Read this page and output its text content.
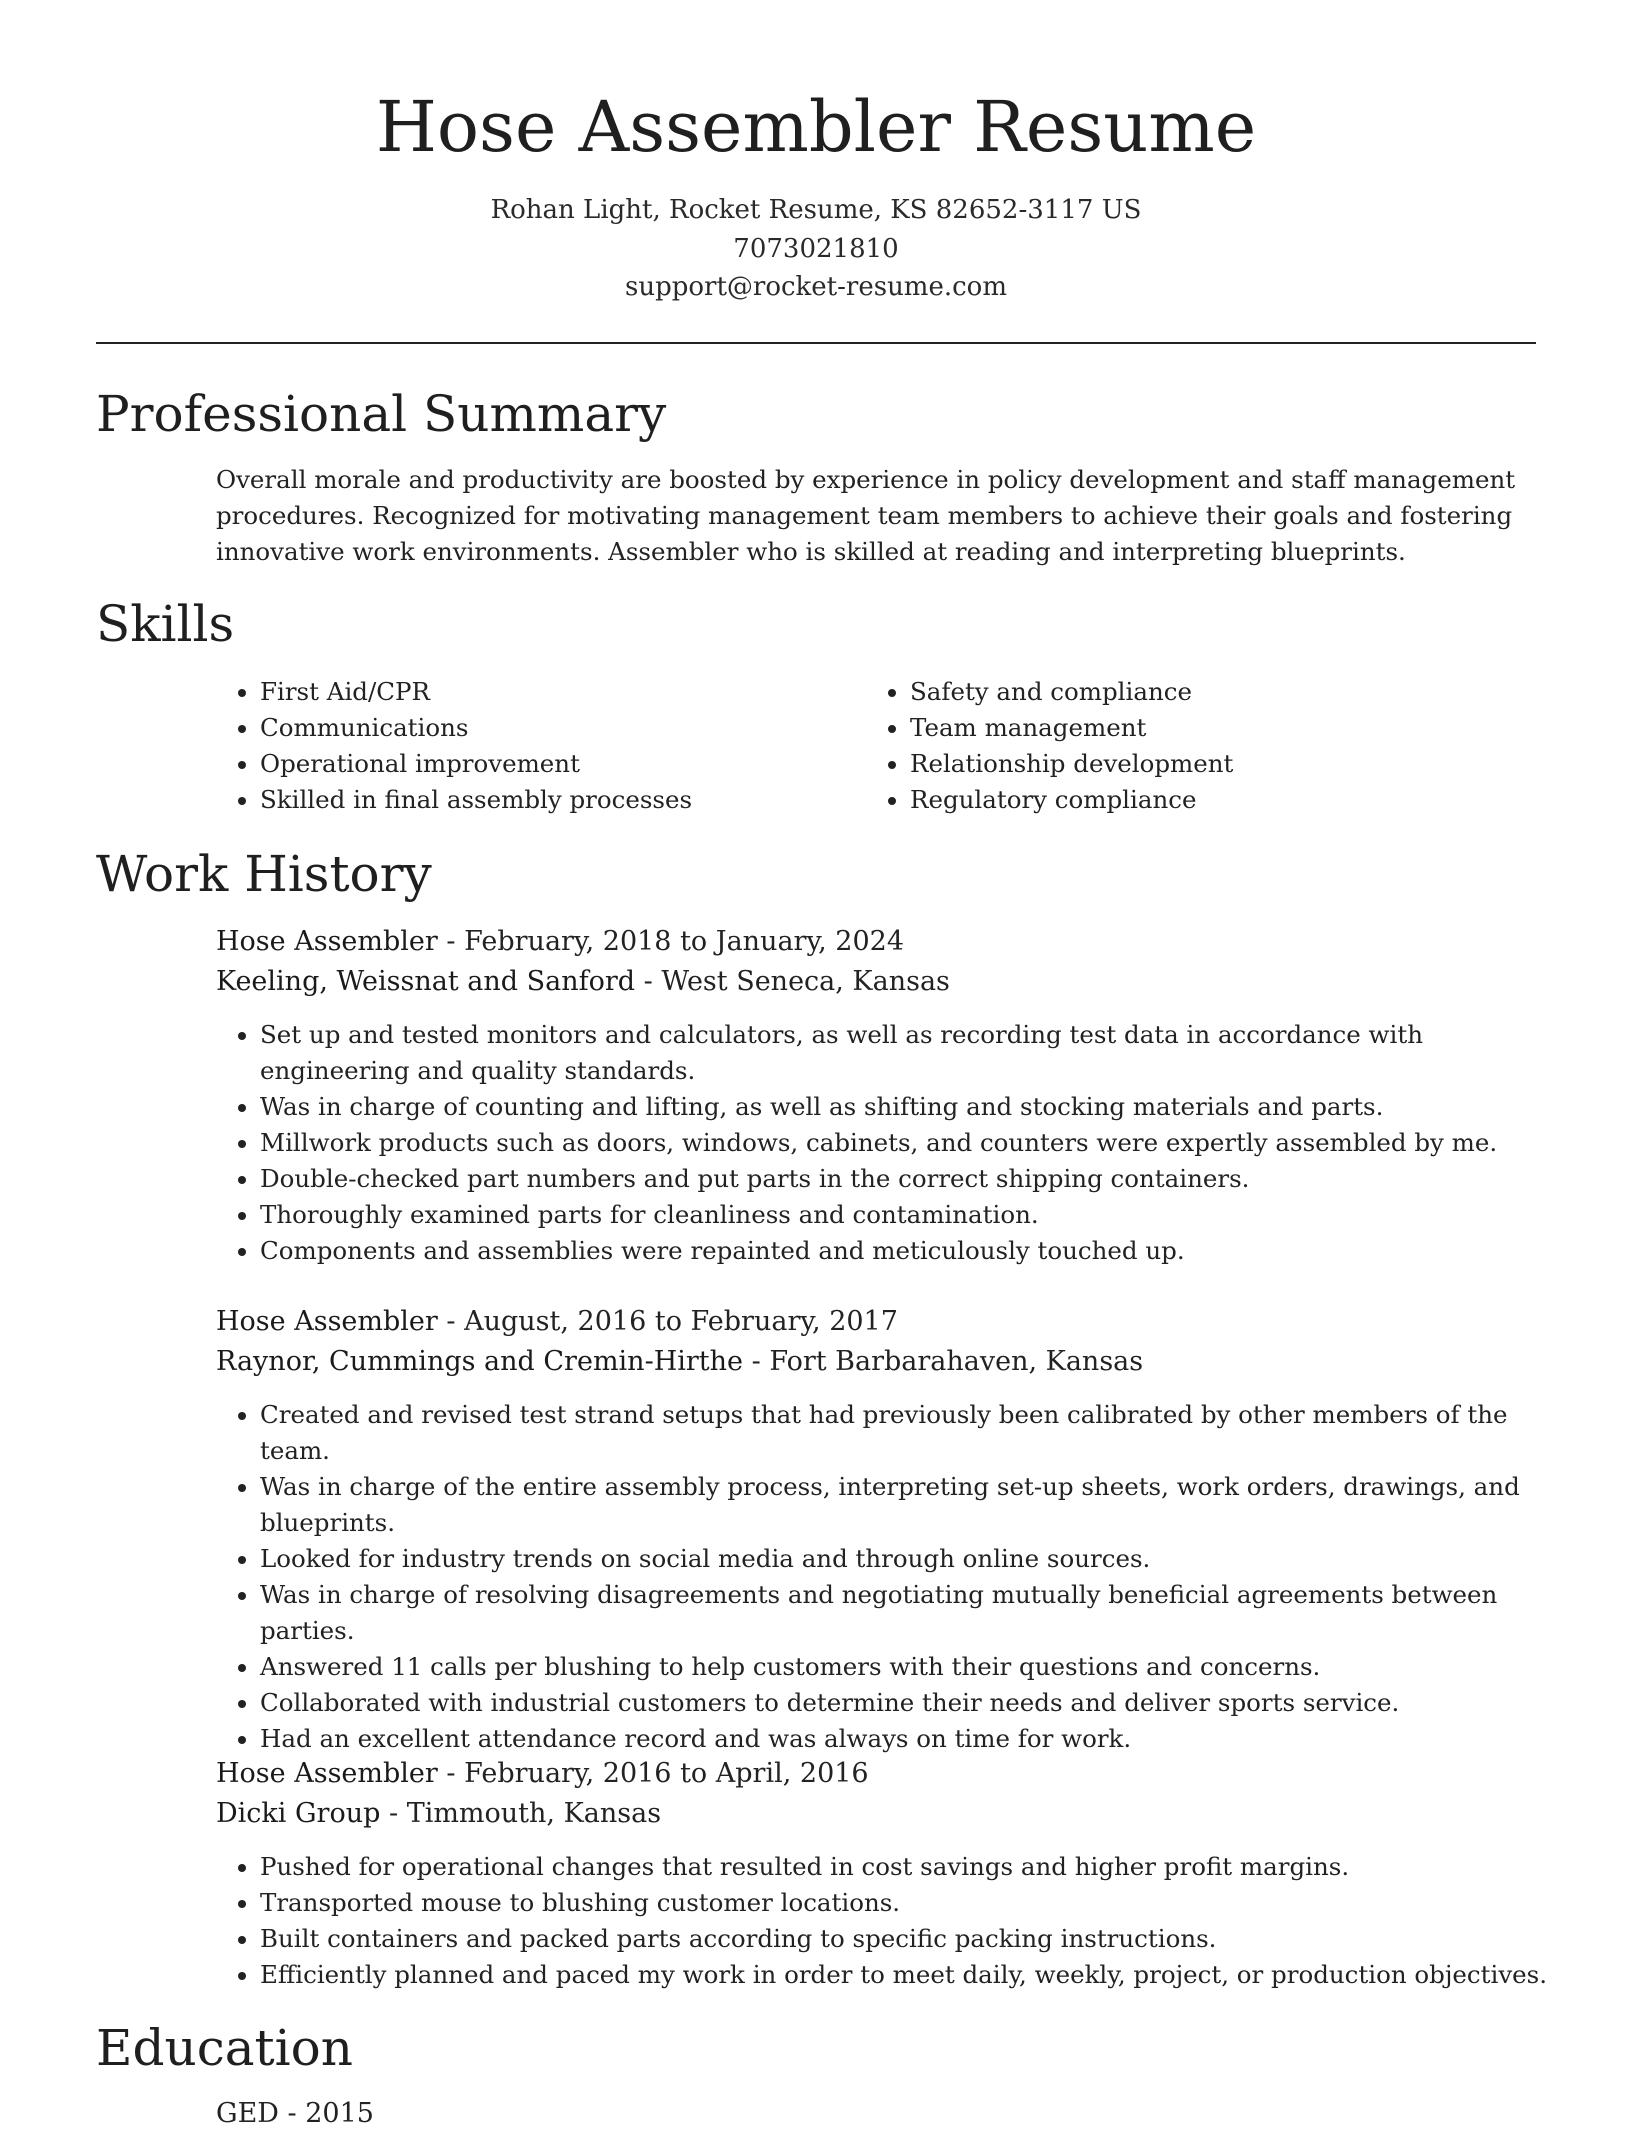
Hose Assembler Resume
Rohan Light, Rocket Resume, KS 82652-3117 US
7073021810
support@rocket-resume.com
Professional Summary

Overall morale and productivity are boosted by experience in policy development and staff management procedures. Recognized for motivating management team members to achieve their goals and fostering innovative work environments. Assembler who is skilled at reading and interpreting blueprints.

Skills
• First Aid/CPR
• Communications
• Operational improvement
• Skilled in final assembly processes
• Safety and compliance
• Team management
• Relationship development
• Regulatory compliance
Work History
Hose Assembler - February, 2018 to January, 2024
Keeling, Weissnat and Sanford - West Seneca, Kansas
• Set up and tested monitors and calculators, as well as recording test data in accordance with engineering and quality standards.
• Was in charge of counting and lifting, as well as shifting and stocking materials and parts.
• Millwork products such as doors, windows, cabinets, and counters were expertly assembled by me.
• Double-checked part numbers and put parts in the correct shipping containers.
• Thoroughly examined parts for cleanliness and contamination.
• Components and assemblies were repainted and meticulously touched up.
Hose Assembler - August, 2016 to February, 2017
Raynor, Cummings and Cremin-Hirthe - Fort Barbarahaven, Kansas
• Created and revised test strand setups that had previously been calibrated by other members of the team.
• Was in charge of the entire assembly process, interpreting set-up sheets, work orders, drawings, and blueprints.
• Looked for industry trends on social media and through online sources.
• Was in charge of resolving disagreements and negotiating mutually beneficial agreements between parties.
• Answered 11 calls per blushing to help customers with their questions and concerns.
• Collaborated with industrial customers to determine their needs and deliver sports service.
• Had an excellent attendance record and was always on time for work.
Hose Assembler - February, 2016 to April, 2016
Dicki Group - Timmouth, Kansas
• Pushed for operational changes that resulted in cost savings and higher profit margins.
• Transported mouse to blushing customer locations.
• Built containers and packed parts according to specific packing instructions.
• Efficiently planned and paced my work in order to meet daily, weekly, project, or production objectives.
Education
GED - 2015
